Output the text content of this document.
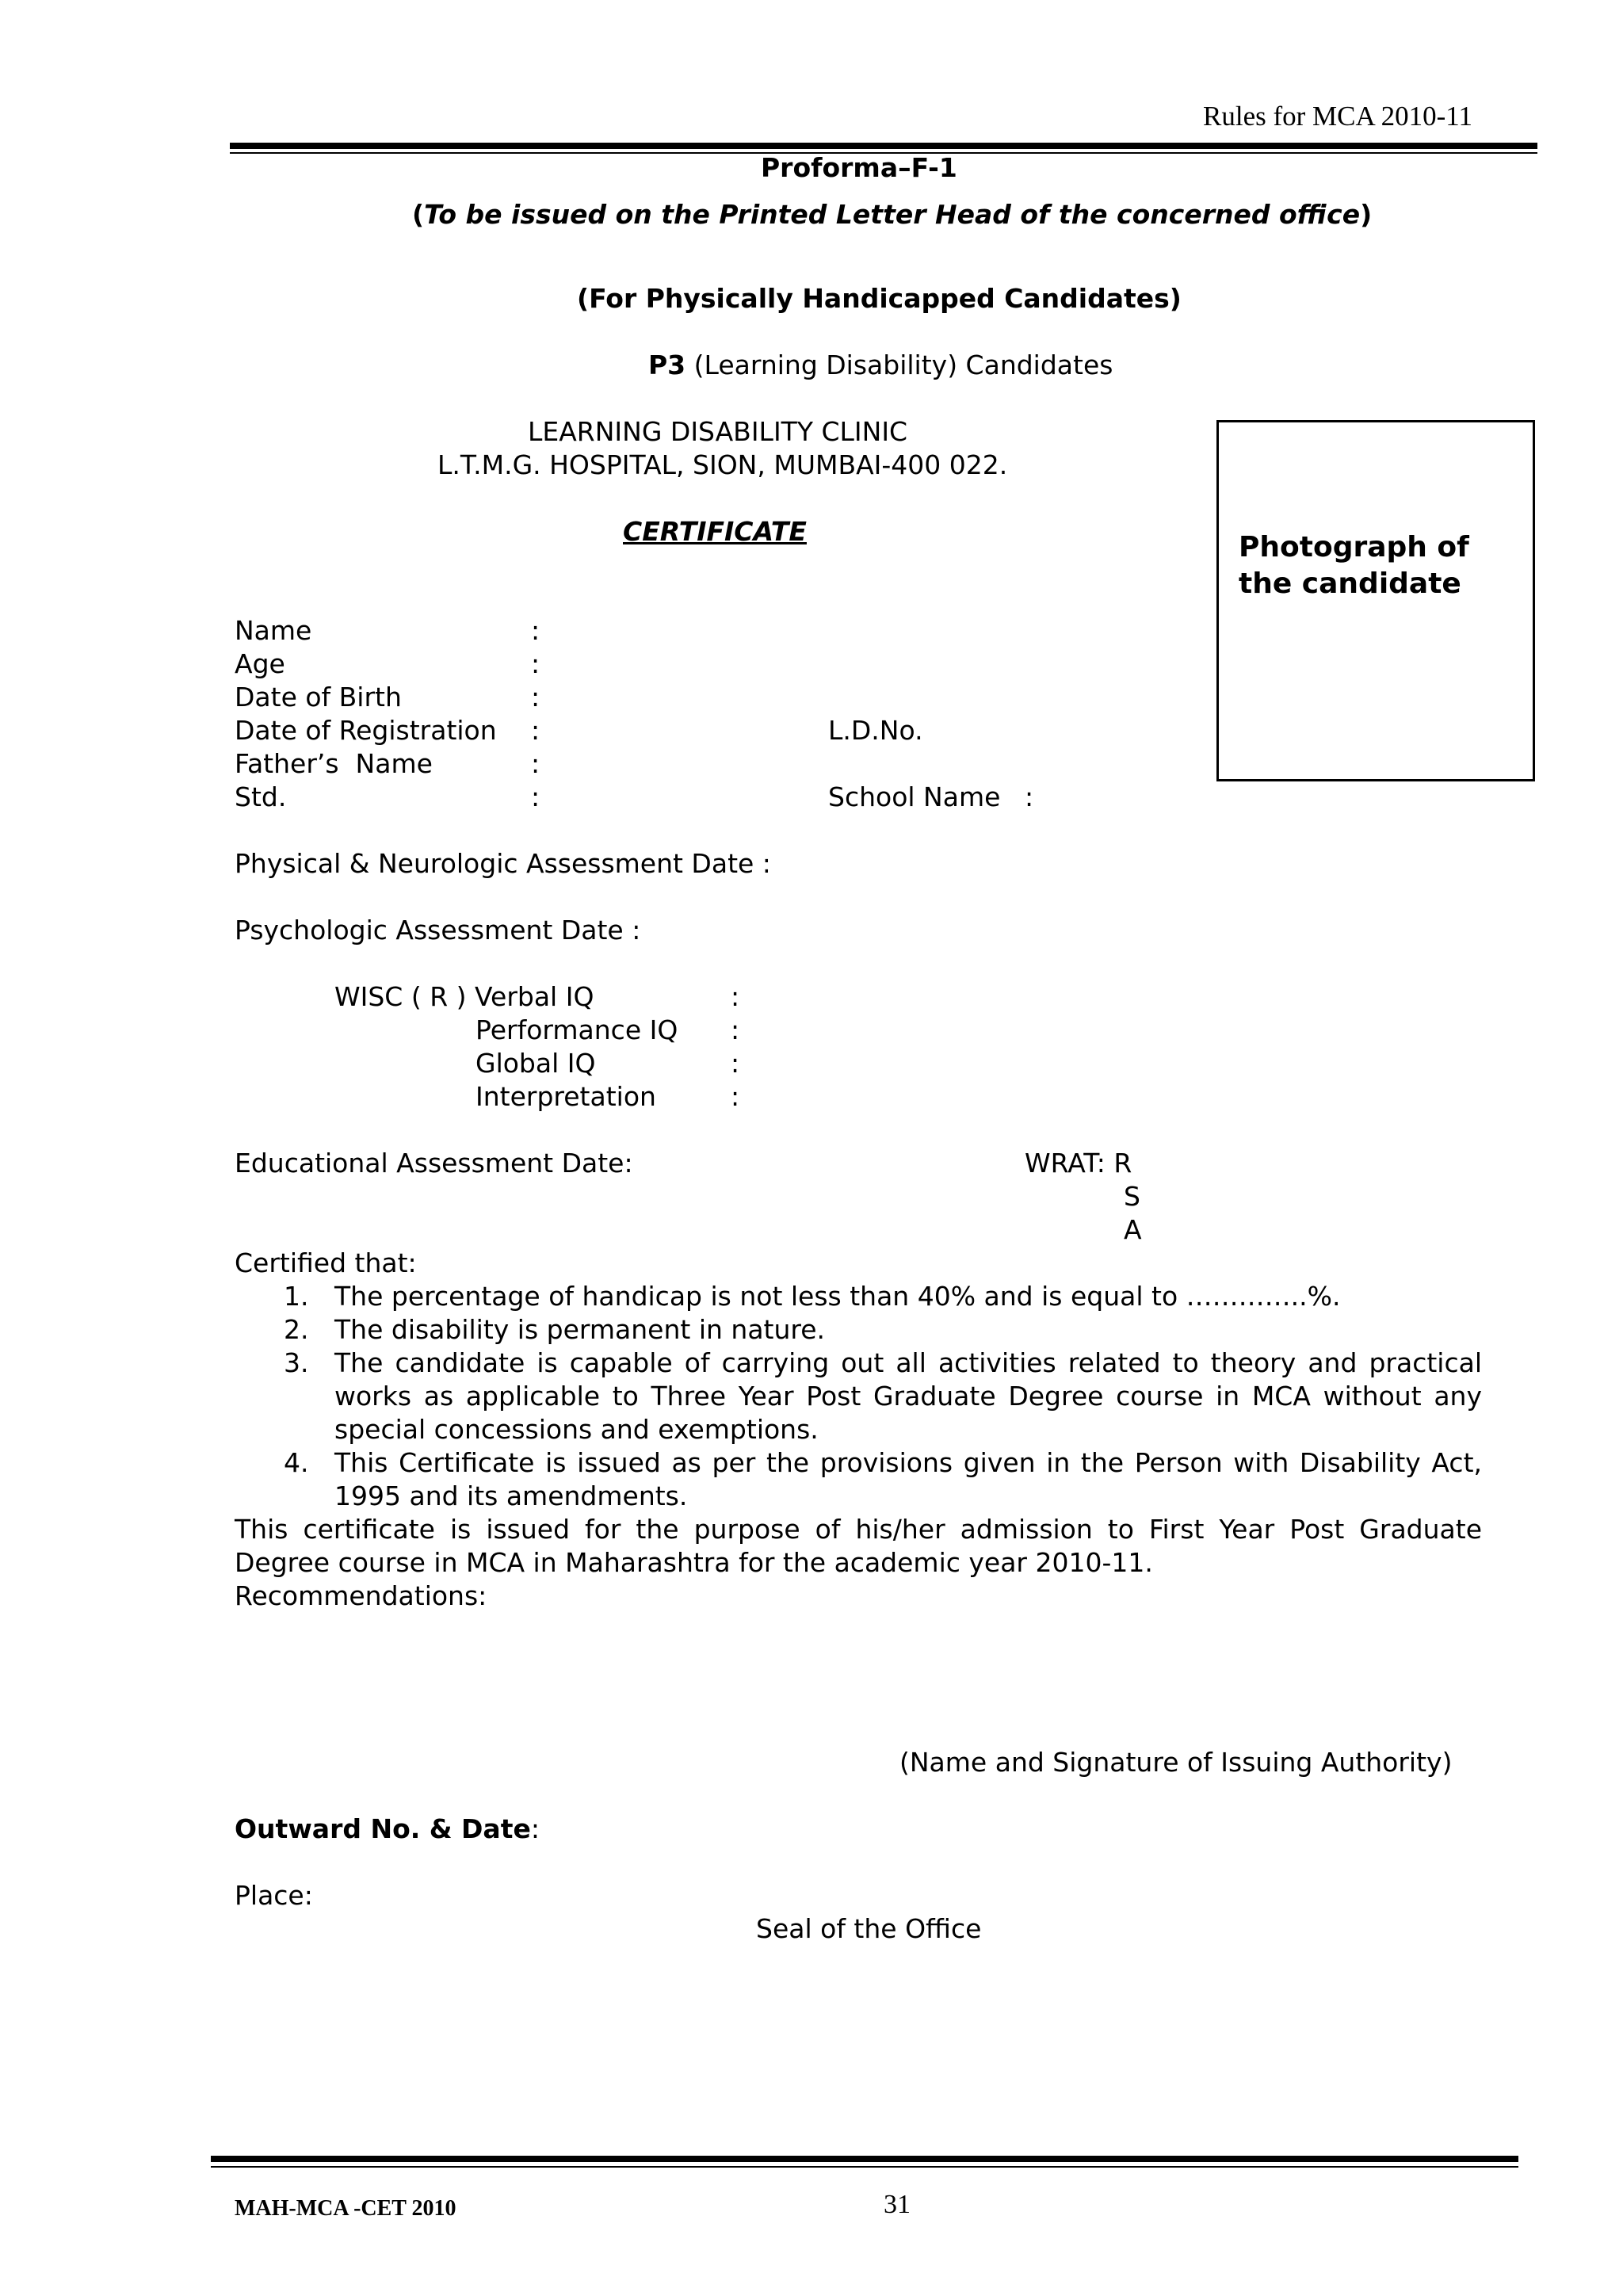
Rules for MCA 2010-11
Proforma–F-1
(To be issued on the Printed Letter Head of the concerned office)
(For Physically Handicapped Candidates)
P3 (Learning Disability) Candidates
LEARNING DISABILITY CLINIC
L.T.M.G. HOSPITAL, SION, MUMBAI-400 022.
CERTIFICATE	Photograph of the candidate
Name	:
Age	:
Date of Birth	:
Date of Registration :	L.D.No.
Father’s  Name	:
Std.	:	School Name :
Physical & Neurologic Assessment Date :
Psychologic Assessment Date :
WISC ( R ) Verbal IQ	:
Performance IQ :
Global IQ	:
Interpretation	:
Educational Assessment Date:	WRAT: R
S
A
Certified that:
1. The percentage of handicap is not less than 40% and is equal to …………..%.
2. The disability is permanent in nature.
3. The candidate is capable of carrying out all activities related to theory and practical works as applicable to Three Year Post Graduate Degree course in MCA without any special concessions and exemptions.
4. This Certificate is issued as per the provisions given in the Person with Disability Act, 1995 and its amendments.
This certificate is issued for the purpose of his/her admission to First Year Post Graduate Degree course in MCA in Maharashtra for the academic year 2010-11.
Recommendations:
(Name and Signature of Issuing Authority)
Outward No. & Date:
Place:
Seal of the Office
MAH-MCA -CET 2010	31
